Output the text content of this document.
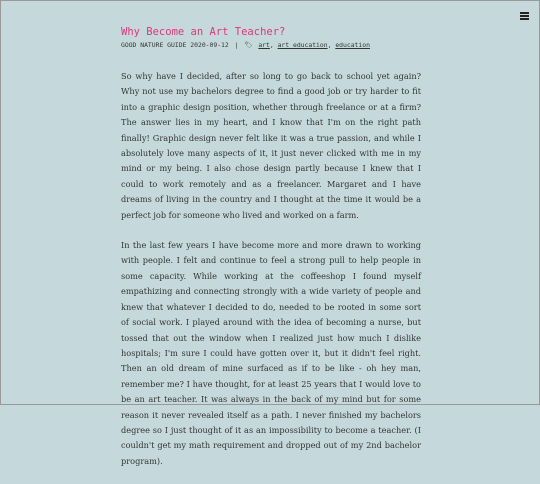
Why Become an Art Teacher?
GOOD NATURE GUIDE 2020-09-12 | 🏷︎ art, art education, education

So why have I decided, after so long to go back to school yet again? Why not use my bachelors degree to find a good job or try harder to fit into a graphic design position, whether through freelance or at a firm? The answer lies in my heart, and I know that I'm on the right path finally! Graphic design never felt like it was a true passion, and while I absolutely love many aspects of it, it just never clicked with me in my mind or my being. I also chose design partly because I knew that I could to work remotely and as a freelancer. Margaret and I have dreams of living in the country and I thought at the time it would be a perfect job for someone who lived and worked on a farm.

In the last few years I have become more and more drawn to working with people. I felt and continue to feel a strong pull to help people in some capacity. While working at the coffeeshop I found myself empathizing and connecting strongly with a wide variety of people and knew that whatever I decided to do, needed to be rooted in some sort of social work. I played around with the idea of becoming a nurse, but tossed that out the window when I realized just how much I dislike hospitals; I'm sure I could have gotten over it, but it didn't feel right. Then an old dream of mine surfaced as if to be like - oh hey man, remember me? I have thought, for at least 25 years that I would love to be an art teacher. It was always in the back of my mind but for some reason it never revealed itself as a path. I never finished my bachelors degree so I just thought of it as an impossibility to become a teacher. (I couldn't get my math requirement and dropped out of my 2nd bachelor program).
